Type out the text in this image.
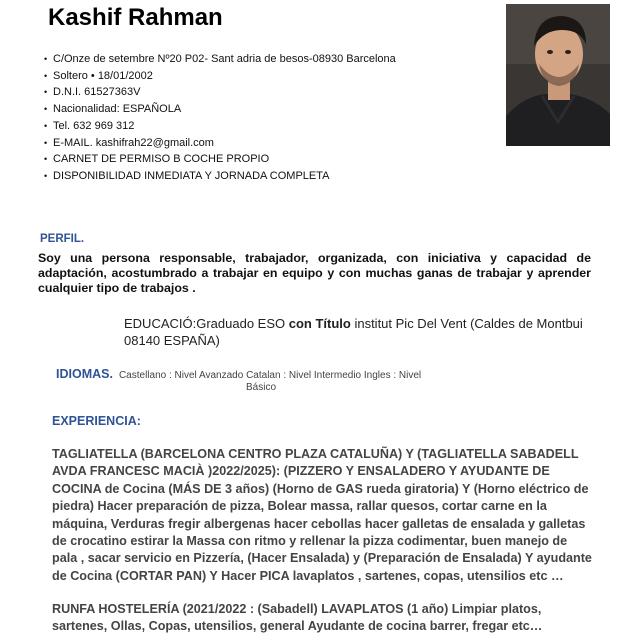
Kashif Rahman
• C/Onze de setembre Nº20 P02- Sant adria de besos-08930 Barcelona
• Soltero • 18/01/2002
• D.N.I. 61527363V
• Nacionalidad: ESPAÑOLA
• Tel. 632 969 312
• E-MAIL. kashifrah22@gmail.com
• CARNET DE PERMISO B COCHE PROPIO
• DISPONIBILIDAD INMEDIATA Y JORNADA COMPLETA
PERFIL.

Soy una persona responsable, trabajador, organizada, con iniciativa y capacidad de adaptación, acostumbrado a trabajar en equipo y con muchas ganas de trabajar y aprender cualquier tipo de trabajos .

EDUCACIÓ:Graduado ESO con Título institut Pic Del Vent (Caldes de Montbui 08140 ESPAÑA)
IDIOMAS. Castellano : Nivel Avanzado Catalan : Nivel Intermedio Ingles : Nivel
Básico
EXPERIENCIA:

TAGLIATELLA (BARCELONA CENTRO PLAZA CATALUÑA) Y (TAGLIATELLA SABADELL AVDA FRANCESC MACIÀ )2022/2025): (PIZZERO Y ENSALADERO Y AYUDANTE DE COCINA de Cocina (MÁS DE 3 años) (Horno de GAS rueda giratoria) Y (Horno eléctrico de piedra) Hacer preparación de pizza, Bolear massa, rallar quesos, cortar carne en la máquina, Verduras fregir albergenas hacer cebollas hacer galletas de ensalada y galletas de crocatino estirar la Massa con ritmo y rellenar la pizza codimentar, buen manejo de pala , sacar servicio en Pizzería, (Hacer Ensalada) y (Preparación de Ensalada) Y ayudante de Cocina (CORTAR PAN) Y Hacer PICA lavaplatos , sartenes, copas, utensilios etc …

RUNFA HOSTELERÍA (2021/2022 : (Sabadell) LAVAPLATOS (1 año) Limpiar platos, sartenes, Ollas, Copas, utensilios, general Ayudante de cocina barrer, fregar etc…
